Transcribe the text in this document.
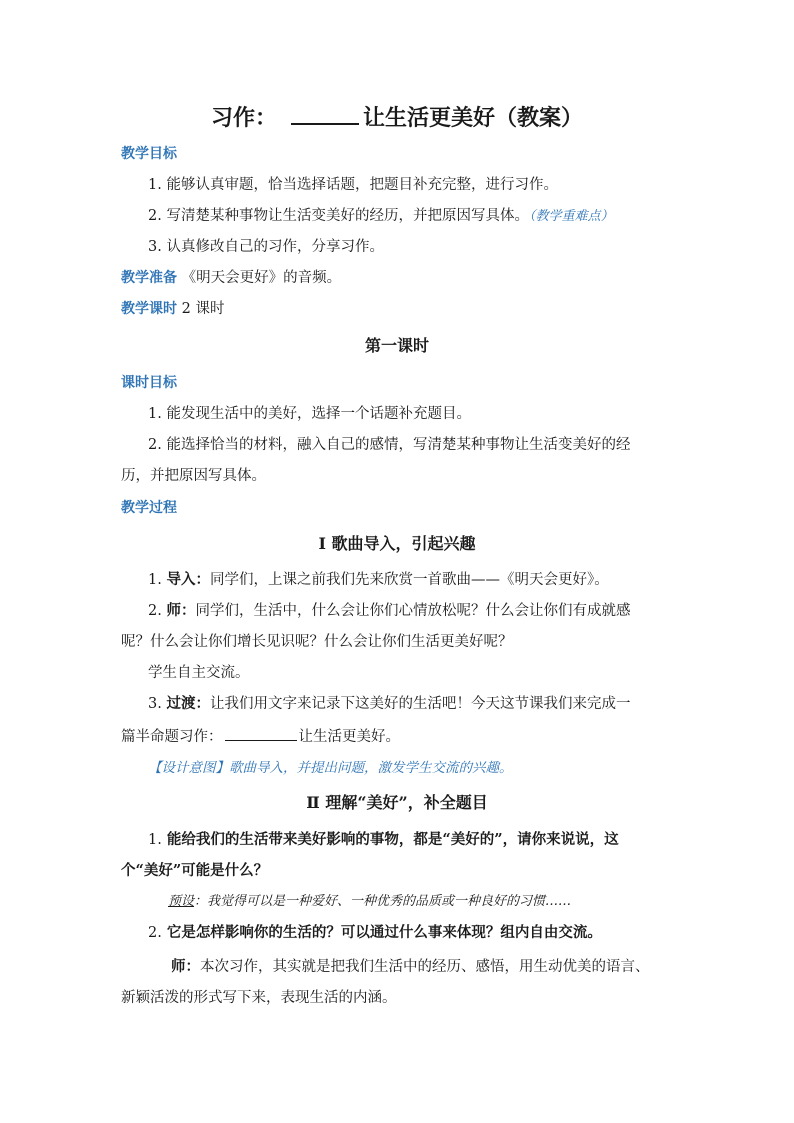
习作：	让生活更美好（教案）
教学目标
1. 能够认真审题，恰当选择话题，把题目补充完整，进行习作。
2. 写清楚某种事物让生活变美好的经历，并把原因写具体。（教学重难点）
3. 认真修改自己的习作，分享习作。
教学准备 《明天会更好》的音频。
教学课时 2 课时
第一课时
课时目标
1. 能发现生活中的美好，选择一个话题补充题目。
2. 能选择恰当的材料，融入自己的感情，写清楚某种事物让生活变美好的经
历，并把原因写具体。
教学过程
Ⅰ 歌曲导入，引起兴趣
1. 导入：同学们，上课之前我们先来欣赏一首歌曲——《明天会更好》。
2. 师：同学们，生活中，什么会让你们心情放松呢？什么会让你们有成就感
呢？什么会让你们增长见识呢？什么会让你们生活更美好呢？
学生自主交流。
3. 过渡：让我们用文字来记录下这美好的生活吧！今天这节课我们来完成一
篇半命题习作：	让生活更美好。
【设计意图】歌曲导入，并提出问题，激发学生交流的兴趣。
Ⅱ 理解“美好”，补全题目
1. 能给我们的生活带来美好影响的事物，都是“美好的”，请你来说说，这
个“美好”可能是什么？
预设：我觉得可以是一种爱好、一种优秀的品质或一种良好的习惯……
2. 它是怎样影响你的生活的？可以通过什么事来体现？组内自由交流。
师：本次习作，其实就是把我们生活中的经历、感悟，用生动优美的语言、
新颖活泼的形式写下来，表现生活的内涵。
